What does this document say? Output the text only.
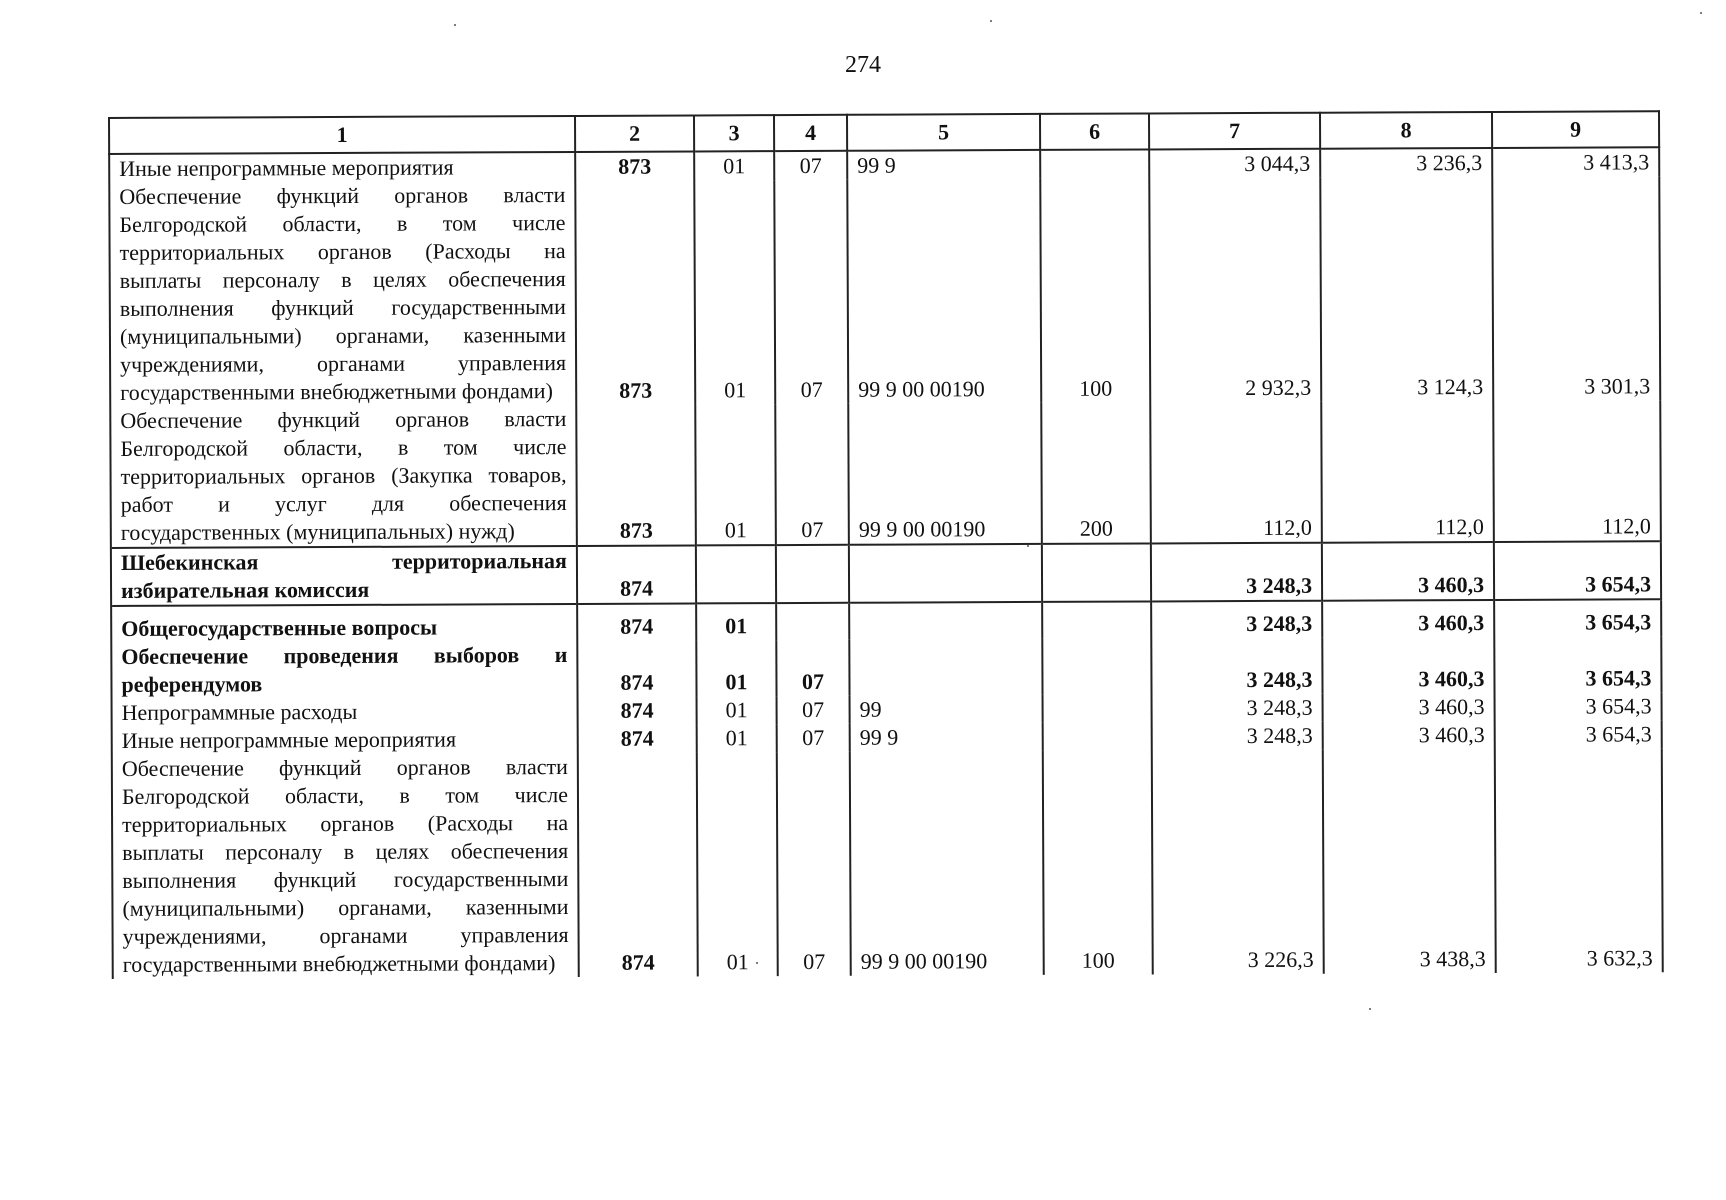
274
1	2	3	4	5	6	7	8	9
Иные непрограммные мероприятия	873	01	07	99 9		3 044,3	3 236,3	3 413,3
Обеспечение функций органов власти Белгородской области, в том числе территориальных органов (Расходы на выплаты персоналу в целях обеспечения выполнения функций государственными (муниципальными) органами, казенными учреждениями, органами управления государственными внебюджетными фондами)	873	01	07	99 9 00 00190	100	2 932,3	3 124,3	3 301,3
Обеспечение функций органов власти Белгородской области, в том числе территориальных органов (Закупка товаров, работ и услуг для обеспечения государственных (муниципальных) нужд)	873	01	07	99 9 00 00190	200	112,0	112,0	112,0
Шебекинская территориальная избирательная комиссия	874					3 248,3	3 460,3	3 654,3
Общегосударственные вопросы	874	01				3 248,3	3 460,3	3 654,3
Обеспечение проведения выборов и референдумов	874	01	07			3 248,3	3 460,3	3 654,3
Непрограммные расходы	874	01	07	99		3 248,3	3 460,3	3 654,3
Иные непрограммные мероприятия	874	01	07	99 9		3 248,3	3 460,3	3 654,3
Обеспечение функций органов власти Белгородской области, в том числе территориальных органов (Расходы на выплаты персоналу в целях обеспечения выполнения функций государственными (муниципальными) органами, казенными учреждениями, органами управления государственными внебюджетными фондами)	874	01	07	99 9 00 00190	100	3 226,3	3 438,3	3 632,3
